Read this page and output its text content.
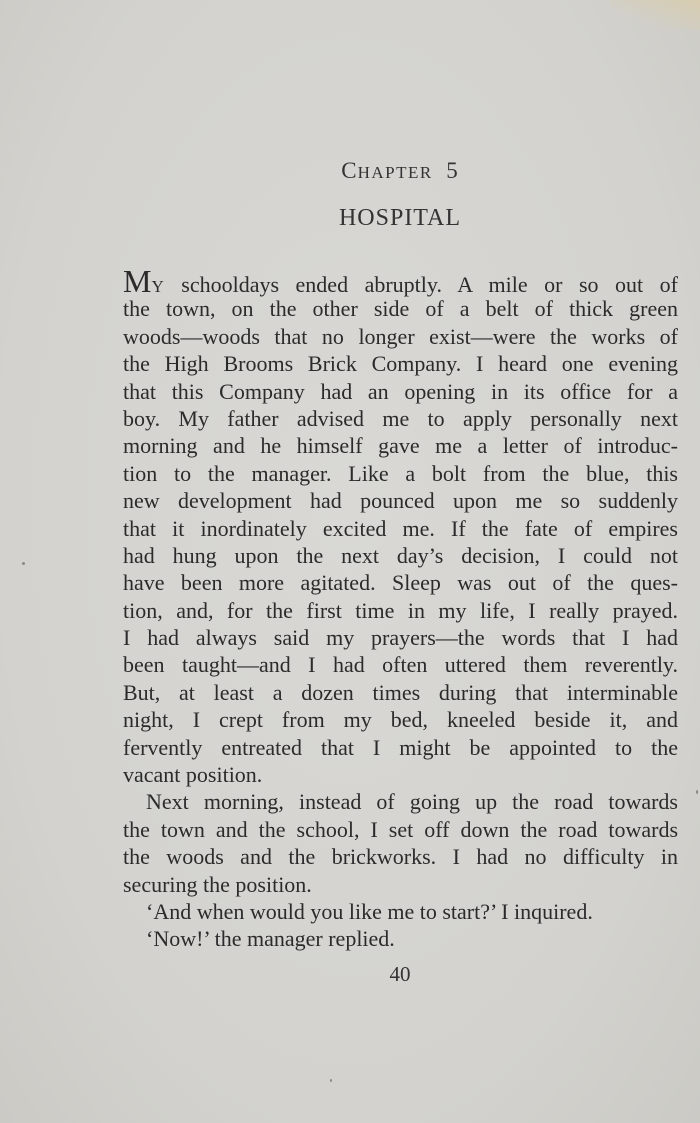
CHAPTER 5
HOSPITAL
MY schooldays ended abruptly. A mile or so out of
the town, on the other side of a belt of thick green
woods—woods that no longer exist—were the works of
the High Brooms Brick Company. I heard one evening
that this Company had an opening in its office for a
boy. My father advised me to apply personally next
morning and he himself gave me a letter of introduc-
tion to the manager. Like a bolt from the blue, this
new development had pounced upon me so suddenly
that it inordinately excited me. If the fate of empires
had hung upon the next day’s decision, I could not
have been more agitated. Sleep was out of the ques-
tion, and, for the first time in my life, I really prayed.
I had always said my prayers—the words that I had
been taught—and I had often uttered them reverently.
But, at least a dozen times during that interminable
night, I crept from my bed, kneeled beside it, and
fervently entreated that I might be appointed to the
vacant position.
Next morning, instead of going up the road towards
the town and the school, I set off down the road towards
the woods and the brickworks. I had no difficulty in
securing the position.
‘And when would you like me to start?’ I inquired.
‘Now!’ the manager replied.
40
